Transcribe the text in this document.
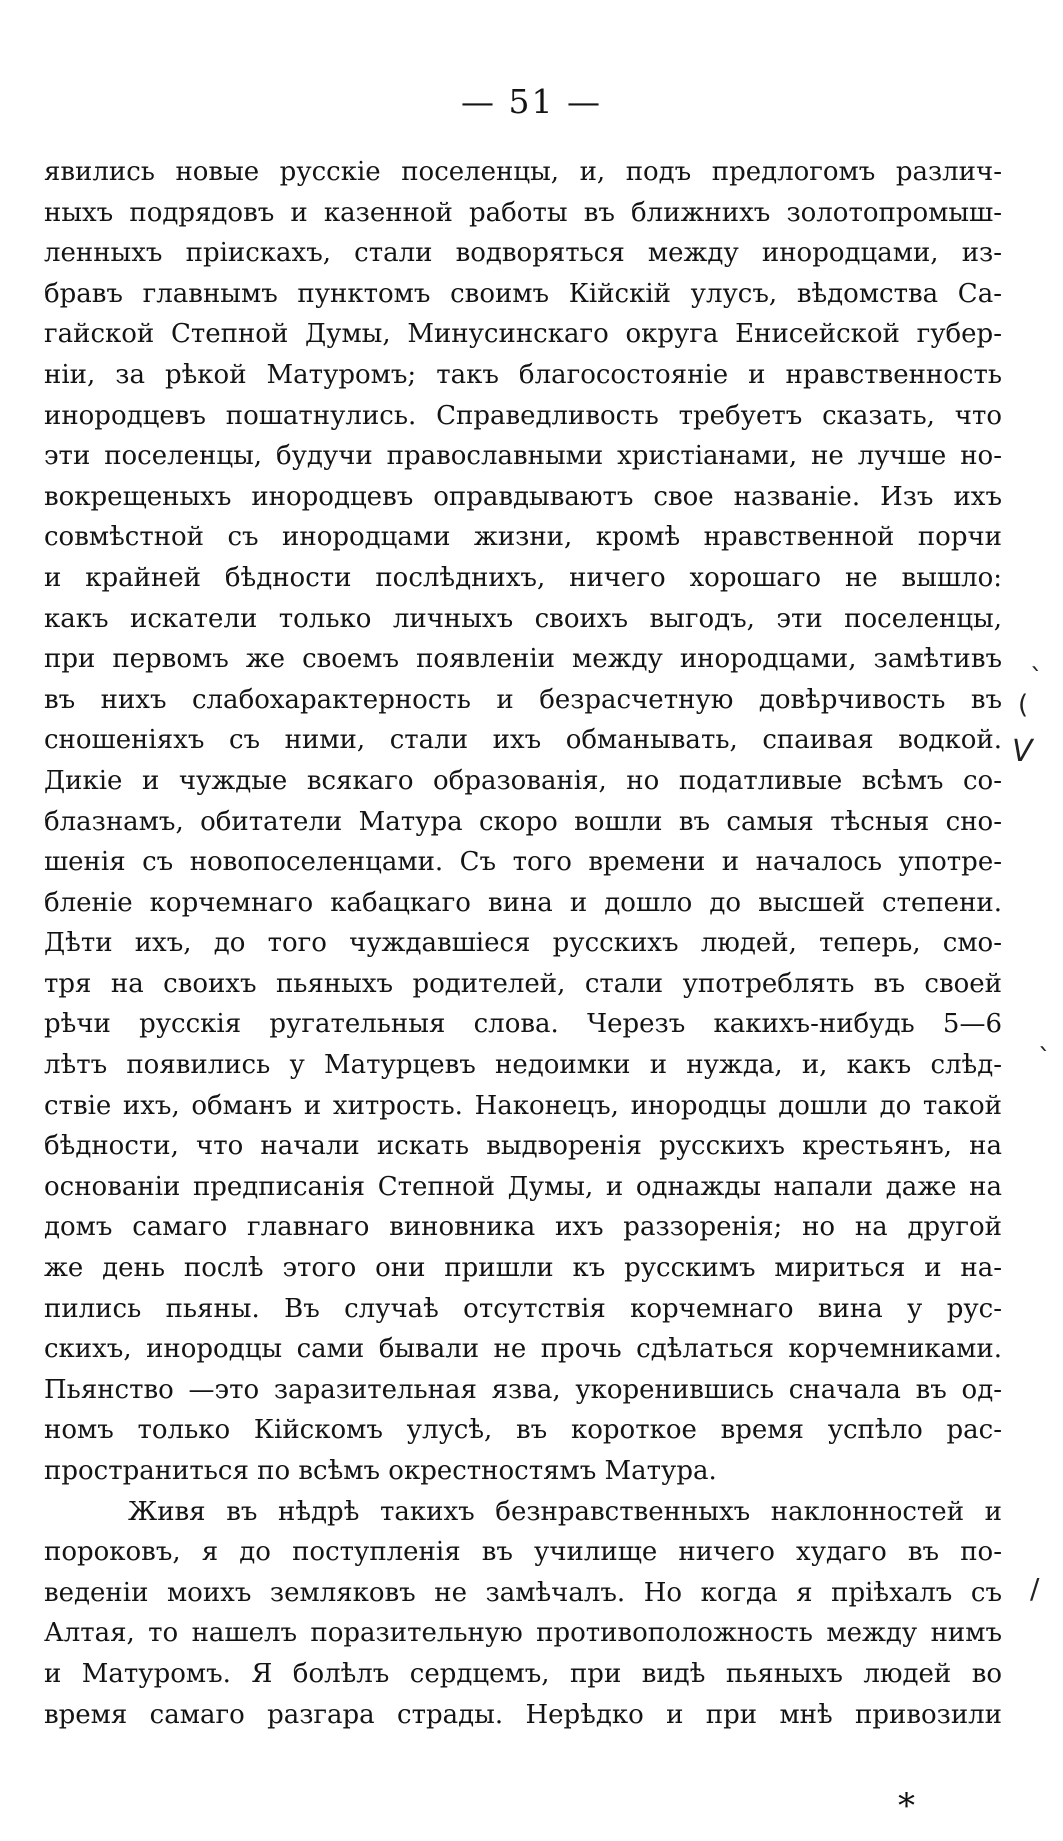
— 51 —
явились новые русскіе поселенцы, и, подъ предлогомъ различ-
ныхъ подрядовъ и казенной работы въ ближнихъ золотопромыш-
ленныхъ пріискахъ, стали водворяться между инородцами, из-
бравъ главнымъ пунктомъ своимъ Кійскій улусъ, вѣдомства Са-
гайской Степной Думы, Минусинскаго округа Енисейской губер-
ніи, за рѣкой Матуромъ; такъ благосостояніе и нравственность
инородцевъ пошатнулись. Справедливость требуетъ сказать, что
эти поселенцы, будучи православными христіанами, не лучше но-
вокрещеныхъ инородцевъ оправдываютъ свое названіе. Изъ ихъ
совмѣстной съ инородцами жизни, кромѣ нравственной порчи
и крайней бѣдности послѣднихъ, ничего хорошаго не вышло:
какъ искатели только личныхъ своихъ выгодъ, эти поселенцы,
при первомъ же своемъ появленіи между инородцами, замѣтивъ
въ нихъ слабохарактерность и безрасчетную довѣрчивость въ
сношеніяхъ съ ними, стали ихъ обманывать, спаивая водкой.
Дикіе и чуждые всякаго образованія, но податливые всѣмъ со-
блазнамъ, обитатели Матура скоро вошли въ самыя тѣсныя сно-
шенія съ новопоселенцами. Съ того времени и началось употре-
бленіе корчемнаго кабацкаго вина и дошло до высшей степени.
Дѣти ихъ, до того чуждавшіеся русскихъ людей, теперь, смо-
тря на своихъ пьяныхъ родителей, стали употреблять въ своей
рѣчи русскія ругательныя слова. Черезъ какихъ-нибудь 5—6
лѣтъ появились у Матурцевъ недоимки и нужда, и, какъ слѣд-
ствіе ихъ, обманъ и хитрость. Наконецъ, инородцы дошли до такой
бѣдности, что начали искать выдворенія русскихъ крестьянъ, на
основаніи предписанія Степной Думы, и однажды напали даже на
домъ самаго главнаго виновника ихъ раззоренія; но на другой
же день послѣ этого они пришли къ русскимъ мириться и на-
пились пьяны. Въ случаѣ отсутствія корчемнаго вина у рус-
скихъ, инородцы сами бывали не прочь сдѣлаться корчемниками.
Пьянство —это заразительная язва, укоренившись сначала въ од-
номъ только Кійскомъ улусѣ, въ короткое время успѣло рас-
пространиться по всѣмъ окрестностямъ Матура.
Живя въ нѣдрѣ такихъ безнравственныхъ наклонностей и
пороковъ, я до поступленія въ училище ничего худаго въ по-
веденіи моихъ земляковъ не замѣчалъ. Но когда я пріѣхалъ съ
Алтая, то нашелъ поразительную противоположность между нимъ
и Матуромъ. Я болѣлъ сердцемъ, при видѣ пьяныхъ людей во
время самаго разгара страды. Нерѣдко и при мнѣ привозили
ˎ
(
V
ˎ
/
*
